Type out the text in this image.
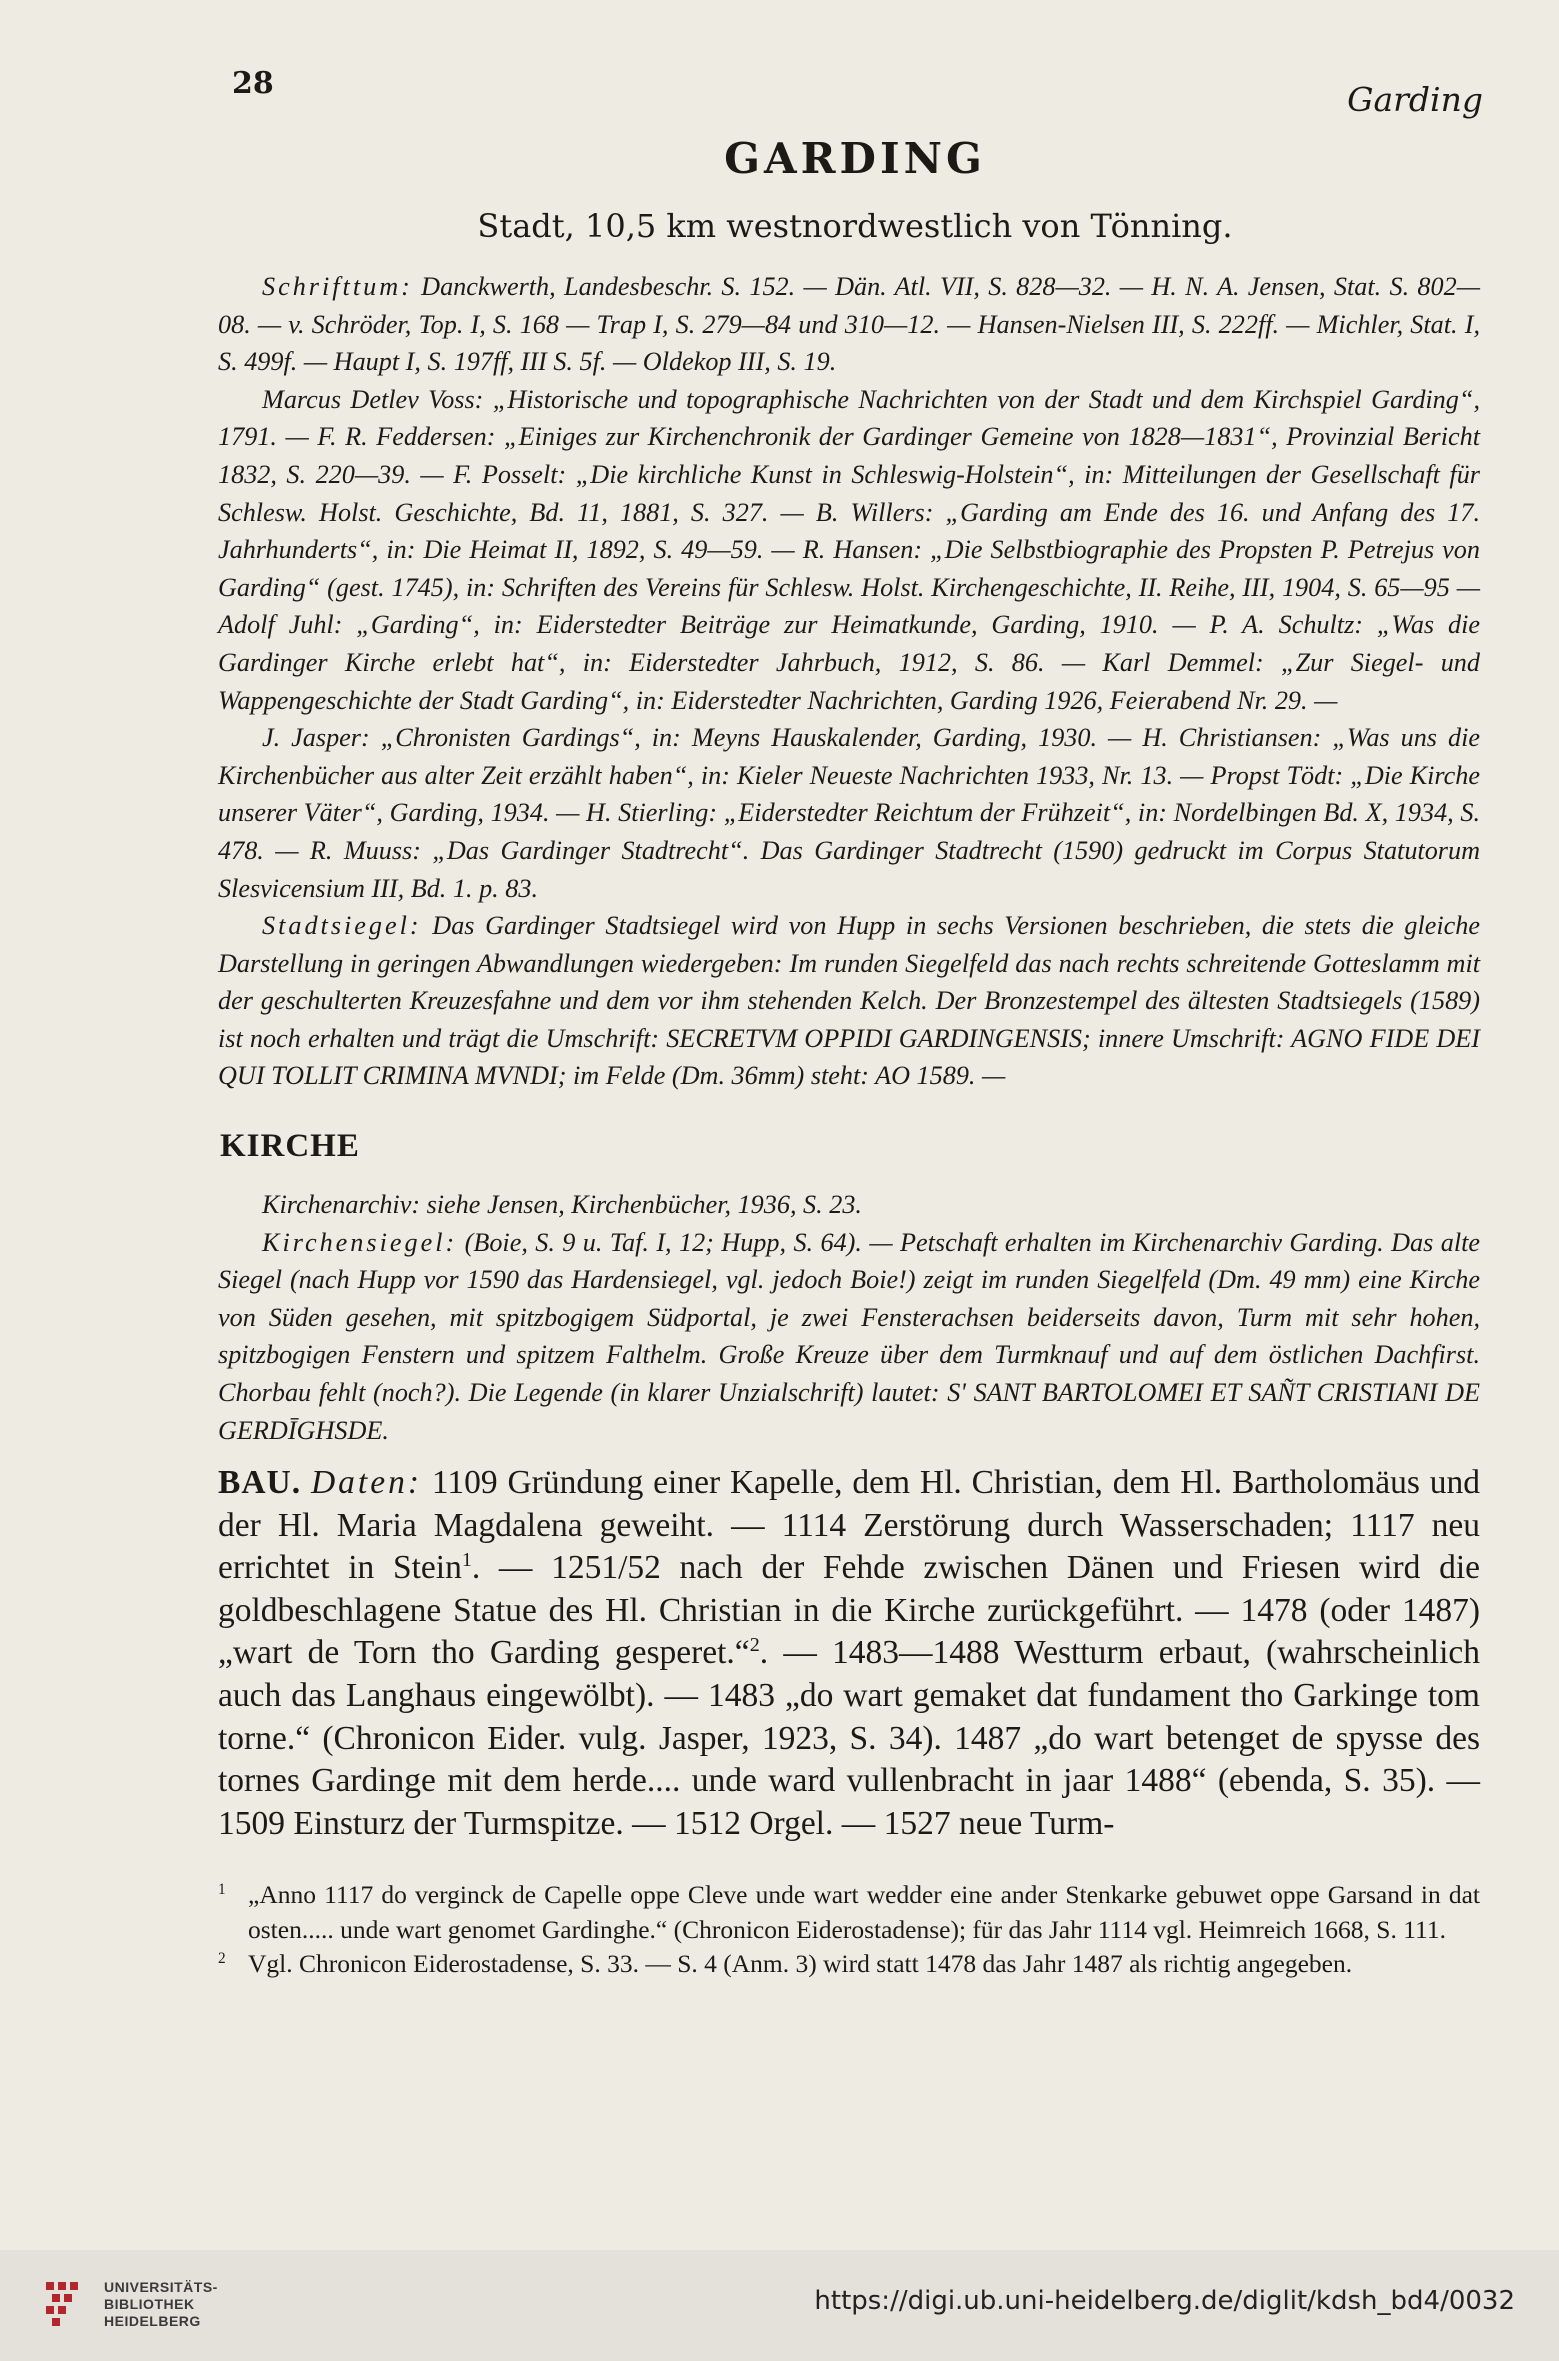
28	Garding
GARDING
Stadt, 10,5 km westnordwestlich von Tönning.

Schrifttum: Danckwerth, Landesbeschr. S. 152. — Dän. Atl. VII, S. 828—32. — H. N. A. Jensen, Stat. S. 802—08. — v. Schröder, Top. I, S. 168 — Trap I, S. 279—84 und 310—12. — Hansen-Nielsen III, S. 222ff. — Michler, Stat. I, S. 499f. — Haupt I, S. 197ff, III S. 5f. — Oldekop III, S. 19.

Marcus Detlev Voss: „Historische und topographische Nachrichten von der Stadt und dem Kirchspiel Garding“, 1791. — F. R. Feddersen: „Einiges zur Kirchenchronik der Gardinger Gemeine von 1828—1831“, Provinzial Bericht 1832, S. 220—39. — F. Posselt: „Die kirchliche Kunst in Schleswig-Holstein“, in: Mitteilungen der Gesellschaft für Schlesw. Holst. Geschichte, Bd. 11, 1881, S. 327. — B. Willers: „Garding am Ende des 16. und Anfang des 17. Jahrhunderts“, in: Die Heimat II, 1892, S. 49—59. — R. Hansen: „Die Selbstbiographie des Propsten P. Petrejus von Garding“ (gest. 1745), in: Schriften des Vereins für Schlesw. Holst. Kirchengeschichte, II. Reihe, III, 1904, S. 65—95 — Adolf Juhl: „Garding“, in: Eiderstedter Beiträge zur Heimatkunde, Garding, 1910. — P. A. Schultz: „Was die Gardinger Kirche erlebt hat“, in: Eiderstedter Jahrbuch, 1912, S. 86. — Karl Demmel: „Zur Siegel- und Wappengeschichte der Stadt Garding“, in: Eiderstedter Nachrichten, Garding 1926, Feierabend Nr. 29. —

J. Jasper: „Chronisten Gardings“, in: Meyns Hauskalender, Garding, 1930. — H. Christiansen: „Was uns die Kirchenbücher aus alter Zeit erzählt haben“, in: Kieler Neueste Nachrichten 1933, Nr. 13. — Propst Tödt: „Die Kirche unserer Väter“, Garding, 1934. — H. Stierling: „Eiderstedter Reichtum der Frühzeit“, in: Nordelbingen Bd. X, 1934, S. 478. — R. Muuss: „Das Gardinger Stadtrecht“. Das Gardinger Stadtrecht (1590) gedruckt im Corpus Statutorum Slesvicensium III, Bd. 1. p. 83.

Stadtsiegel: Das Gardinger Stadtsiegel wird von Hupp in sechs Versionen beschrieben, die stets die gleiche Darstellung in geringen Abwandlungen wiedergeben: Im runden Siegelfeld das nach rechts schreitende Gotteslamm mit der geschulterten Kreuzesfahne und dem vor ihm stehenden Kelch. Der Bronzestempel des ältesten Stadtsiegels (1589) ist noch erhalten und trägt die Umschrift: SECRETVM OPPIDI GARDINGENSIS; innere Umschrift: AGNO FIDE DEI QUI TOLLIT CRIMINA MVNDI; im Felde (Dm. 36mm) steht: AO 1589. —

KIRCHE

Kirchenarchiv: siehe Jensen, Kirchenbücher, 1936, S. 23.

Kirchensiegel: (Boie, S. 9 u. Taf. I, 12; Hupp, S. 64). — Petschaft erhalten im Kirchenarchiv Garding. Das alte Siegel (nach Hupp vor 1590 das Hardensiegel, vgl. jedoch Boie!) zeigt im runden Siegelfeld (Dm. 49 mm) eine Kirche von Süden gesehen, mit spitzbogigem Südportal, je zwei Fensterachsen beiderseits davon, Turm mit sehr hohen, spitzbogigen Fenstern und spitzem Falthelm. Große Kreuze über dem Turmknauf und auf dem östlichen Dachfirst. Chorbau fehlt (noch?). Die Legende (in klarer Unzialschrift) lautet: S' SANT BARTOLOMEI ET SAÑT CRISTIANI DE GERDĪGHSDE.

BAU. Daten: 1109 Gründung einer Kapelle, dem Hl. Christian, dem Hl. Bartholomäus und der Hl. Maria Magdalena geweiht. — 1114 Zerstörung durch Wasserschaden; 1117 neu errichtet in Stein$^1$. — 1251/52 nach der Fehde zwischen Dänen und Friesen wird die goldbeschlagene Statue des Hl. Christian in die Kirche zurückgeführt. — 1478 (oder 1487) „wart de Torn tho Garding gesperet.“$^2$. — 1483—1488 Westturm erbaut, (wahrscheinlich auch das Langhaus eingewölbt). — 1483 „do wart gemaket dat fundament tho Garkinge tom torne.“ (Chronicon Eider. vulg. Jasper, 1923, S. 34). 1487 „do wart betenget de spysse des tornes Gardinge mit dem herde.... unde ward vullenbracht in jaar 1488“ (ebenda, S. 35). — 1509 Einsturz der Turmspitze. — 1512 Orgel. — 1527 neue Turm-

$^1$ „Anno 1117 do verginck de Capelle oppe Cleve unde wart wedder eine ander Stenkarke gebuwet oppe Garsand in dat osten..... unde wart genomet Gardinghe.“ (Chronicon Eiderostadense); für das Jahr 1114 vgl. Heimreich 1668, S. 111.

$^2$ Vgl. Chronicon Eiderostadense, S. 33. — S. 4 (Anm. 3) wird statt 1478 das Jahr 1487 als richtig angegeben.

UNIVERSITÄTS-
BIBLIOTHEK
HEIDELBERG
https://digi.ub.uni-heidelberg.de/diglit/kdsh_bd4/0032
